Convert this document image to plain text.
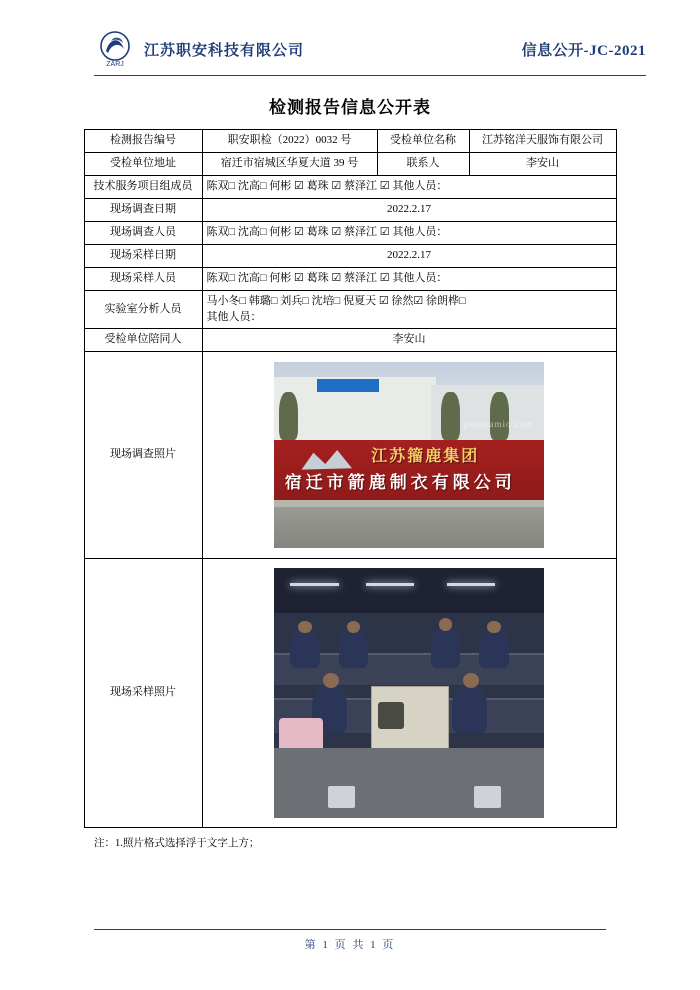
ZARJ
江苏职安科技有限公司	信息公开-JC-2021
检测报告信息公开表
检测报告编号	职安职检（2022）0032 号	受检单位名称	江苏铭洋天服饰有限公司
受检单位地址	宿迁市宿城区华夏大道 39 号	联系人	李安山
技术服务项目组成员	陈双□ 沈高□ 何彬 ☑ 葛珠 ☑ 蔡泽江 ☑ 其他人员：		
现场调查日期	2022.2.17		
现场调查人员	陈双□ 沈高□ 何彬 ☑ 葛珠 ☑ 蔡泽江 ☑ 其他人员：		
现场采样日期	2022.2.17		
现场采样人员	陈双□ 沈高□ 何彬 ☑ 葛珠 ☑ 蔡泽江 ☑ 其他人员：		
实验室分析人员	马小冬□ 韩璐□ 刘兵□ 沈培□ 倪夏天 ☑ 徐然☑ 徐朗桦□
其他人员：		

受检单位陪同人	李安山		
现场调查照片	江苏籀鹿集团
宿迁市箭鹿制衣有限公司
panoramio.com		

现场采样照片			
注：1.照片格式选择浮于文字上方；
第 1 页 共 1 页
